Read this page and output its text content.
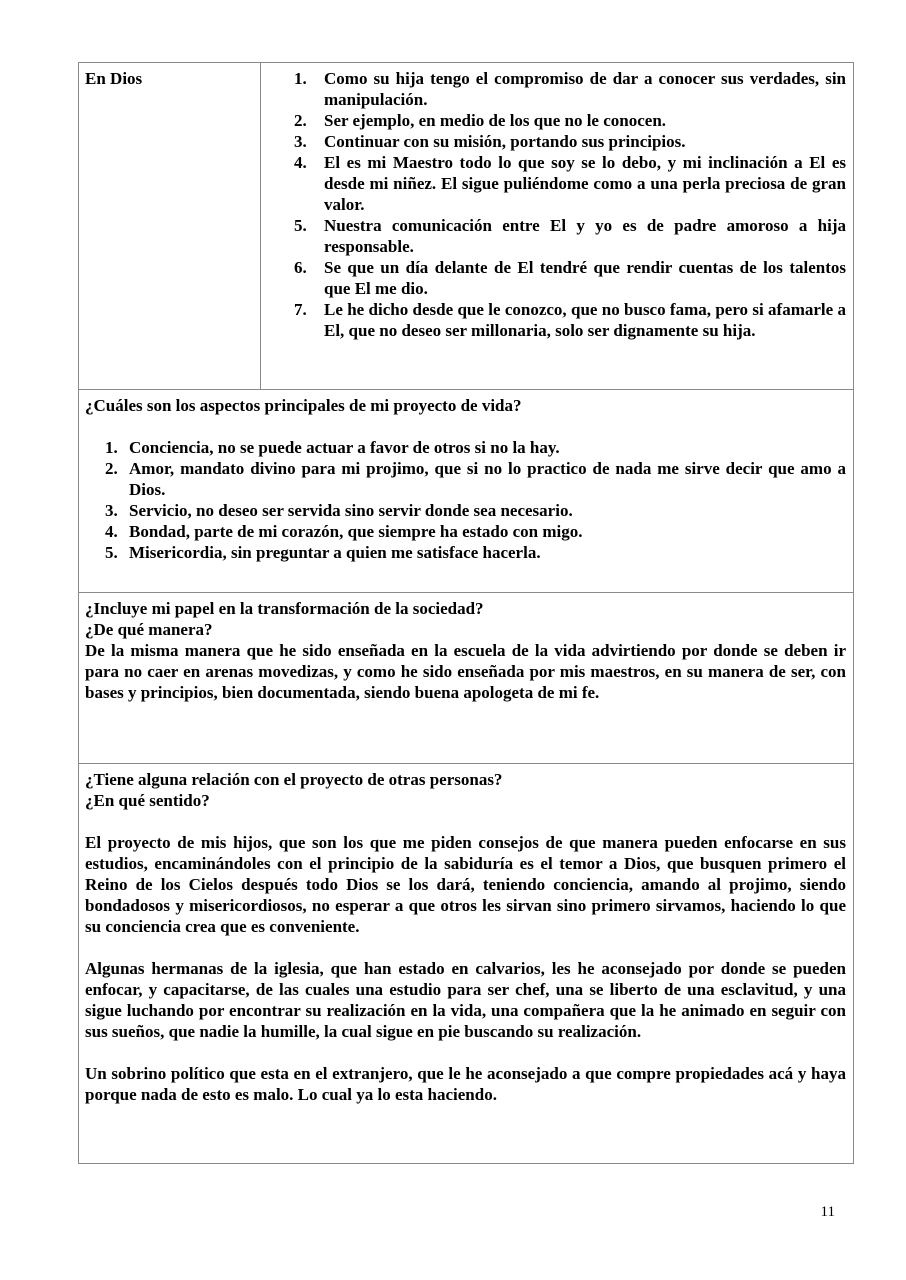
En Dios	1.	Como su hija tengo el compromiso de dar a conocer sus verdades, sin manipulación.
2.	Ser ejemplo, en medio de los que no le conocen.
3.	Continuar con su misión, portando sus principios.
4.	El es mi Maestro todo lo que soy se lo debo, y mi inclinación a El es desde mi niñez. El sigue puliéndome como a una perla preciosa de gran valor.
5.	Nuestra comunicación entre El y yo es de padre amoroso a hija responsable.
6.	Se que un día delante de El tendré que rendir cuentas de los talentos que El me dio.
7.	Le he dicho desde que le conozco, que no busco fama, pero si afamarle a El, que no deseo ser millonaria, solo ser dignamente su hija.
¿Cuáles son los aspectos principales de mi proyecto de vida?
1. Conciencia, no se puede actuar a favor de otros si no la hay.
2. Amor, mandato divino para mi projimo, que si no lo practico de nada me sirve decir que amo a Dios.
3. Servicio, no deseo ser servida sino servir donde sea necesario.
4. Bondad, parte de mi corazón, que siempre ha estado con migo.
5. Misericordia, sin preguntar a quien me satisface hacerla.
¿Incluye mi papel en la transformación de la sociedad?
¿De qué manera?
De la misma manera que he sido enseñada en la escuela de la vida advirtiendo por donde se deben ir para no caer en arenas movedizas, y como he sido enseñada por mis maestros, en su manera de ser, con bases y principios, bien documentada, siendo buena apologeta de mi fe.
¿Tiene alguna relación con el proyecto de otras personas?
¿En qué sentido?
El proyecto de mis hijos, que son los que me piden consejos de que manera pueden enfocarse en sus estudios, encaminándoles con el principio de la sabiduría es el temor a Dios, que busquen primero el Reino de los Cielos después todo Dios se los dará, teniendo conciencia, amando al projimo, siendo bondadosos y misericordiosos, no esperar a que otros les sirvan sino primero sirvamos, haciendo lo que su conciencia crea que es conveniente.
Algunas hermanas de la iglesia, que han estado en calvarios, les he aconsejado por donde se pueden enfocar, y capacitarse, de las cuales una estudio para ser chef, una se liberto de una esclavitud, y una sigue luchando por encontrar su realización en la vida, una compañera que la he animado en seguir con sus sueños, que nadie la humille, la cual sigue en pie buscando su realización.
Un sobrino político que esta en el extranjero, que le he aconsejado a que compre propiedades acá y haya porque nada de esto es malo. Lo cual ya lo esta haciendo.
11
